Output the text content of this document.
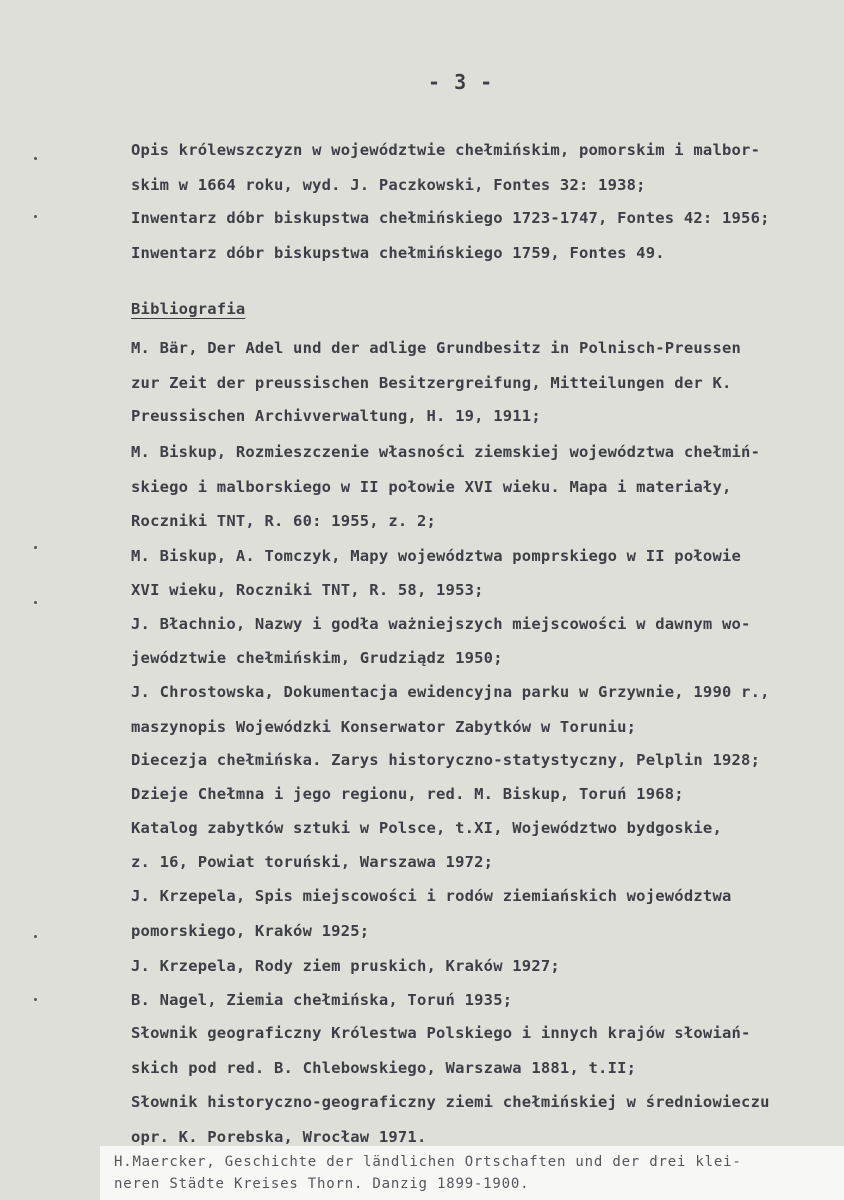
- 3 -
Opis królewszczyzn w województwie chełmińskim, pomorskim i malbor-
skim w 1664 roku, wyd. J. Paczkowski, Fontes 32: 1938;
Inwentarz dóbr biskupstwa chełmińskiego 1723-1747, Fontes 42: 1956;
Inwentarz dóbr biskupstwa chełmińskiego 1759, Fontes 49.
Bibliografia
M. Bär, Der Adel und der adlige Grundbesitz in Polnisch-Preussen
zur Zeit der preussischen Besitzergreifung, Mitteilungen der K.
Preussischen Archivverwaltung, H. 19, 1911;
M. Biskup, Rozmieszczenie własności ziemskiej województwa chełmiń-
skiego i malborskiego w II połowie XVI wieku. Mapa i materiały,
Roczniki TNT, R. 60: 1955, z. 2;
M. Biskup, A. Tomczyk, Mapy województwa pomprskiego w II połowie
XVI wieku, Roczniki TNT, R. 58, 1953;
J. Błachnio, Nazwy i godła ważniejszych miejscowości w dawnym wo-
jewództwie chełmińskim, Grudziądz 1950;
J. Chrostowska, Dokumentacja ewidencyjna parku w Grzywnie, 1990 r.,
maszynopis Wojewódzki Konserwator Zabytków w Toruniu;
Diecezja chełmińska. Zarys historyczno-statystyczny, Pelplin 1928;
Dzieje Chełmna i jego regionu, red. M. Biskup, Toruń 1968;
Katalog zabytków sztuki w Polsce, t.XI, Województwo bydgoskie,
z. 16, Powiat toruński, Warszawa 1972;
J. Krzepela, Spis miejscowości i rodów ziemiańskich województwa
pomorskiego, Kraków 1925;
J. Krzepela, Rody ziem pruskich, Kraków 1927;
B. Nagel, Ziemia chełmińska, Toruń 1935;
Słownik geograficzny Królestwa Polskiego i innych krajów słowiań-
skich pod red. B. Chlebowskiego, Warszawa 1881, t.II;
Słownik historyczno-geograficzny ziemi chełmińskiej w średniowieczu
opr. K. Porebska, Wrocław 1971.
H.Maercker, Geschichte der ländlichen Ortschaften und der drei klei-
neren Städte Kreises Thorn. Danzig 1899-1900.
